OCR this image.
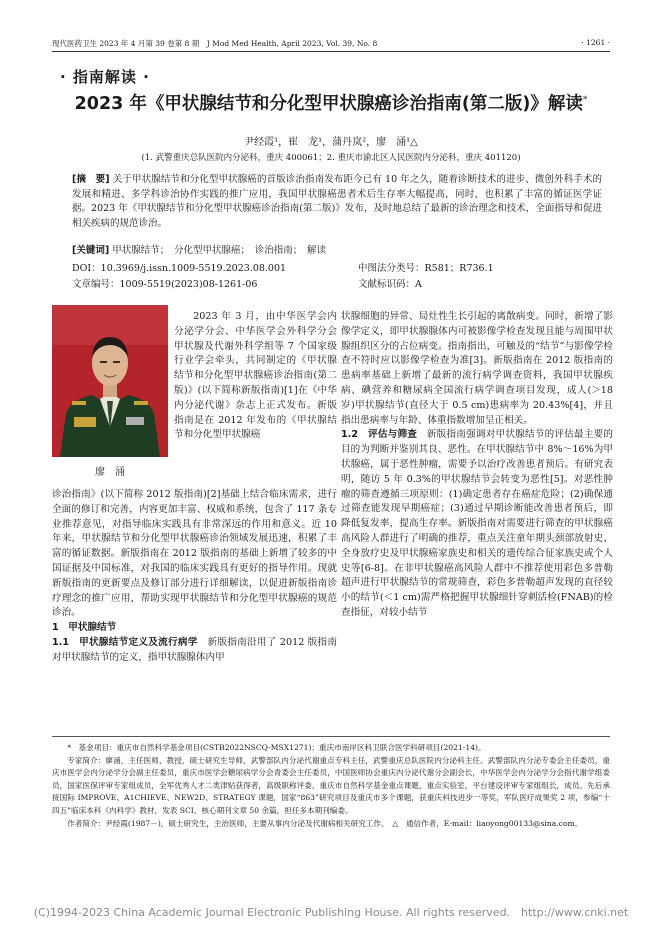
现代医药卫生 2023 年 4 月第 39 卷第 8 期　J Mod Med Health, April 2023, Vol. 39, No. 8	· 1261 ·
· 指南解读 ·
2023 年《甲状腺结节和分化型甲状腺癌诊治指南(第二版)》解读*
尹经霞¹，崔　龙¹，蒲丹岚²，廖　涌¹△
(1. 武警重庆总队医院内分泌科，重庆 400061；2. 重庆市渝北区人民医院内分泌科，重庆 401120)
[摘　要] 关于甲状腺结节和分化型甲状腺癌的首版诊治指南发布距今已有 10 年之久，随着诊断技术的进步、微创外科手术的发展和精进、多学科诊治协作实践的推广应用，我国甲状腺癌患者术后生存率大幅提高，同时，也积累了丰富的循证医学证据。2023 年《甲状腺结节和分化型甲状腺癌诊治指南(第二版)》发布，及时地总结了最新的诊治理念和技术，全面指导和促进相关疾病的规范诊治。
[关键词] 甲状腺结节；　分化型甲状腺癌；　诊治指南；　解读
DOI：10.3969/j.issn.1009-5519.2023.08.001	中图法分类号：R581；R736.1
文章编号：1009-5519(2023)08-1261-06	文献标识码：A
廖　涌

2023 年 3 月，由中华医学会内分泌学分会、中华医学会外科学分会甲状腺及代谢外科学组等 7 个国家级行业学会牵头，共同制定的《甲状腺结节和分化型甲状腺癌诊治指南(第二版)》(以下简称新版指南)[1]在《中华内分泌代谢》杂志上正式发布。新版指南是在 2012 年发布的《甲状腺结节和分化型甲状腺癌

诊治指南》(以下简称 2012 版指南)[2]基础上结合临床需求，进行全面的修订和完善，内容更加丰富、权威和系统，包含了 117 条专业推荐意见，对指导临床实践具有非常深远的作用和意义。近 10 年来，甲状腺结节和分化型甲状腺癌诊治领域发展迅速，积累了丰富的循证数据。新版指南在 2012 版指南的基础上新增了较多的中国证据及中国标准，对我国的临床实践具有更好的指导作用。现就新版指南的更新要点及修订部分进行详细解读，以促进新版指南诊疗理念的推广应用，帮助实现甲状腺结节和分化型甲状腺癌的规范诊治。

1　甲状腺结节

1.1　甲状腺结节定义及流行病学　 新版指南沿用了 2012 版指南对甲状腺结节的定义，指甲状腺腺体内甲

状腺细胞的异常、局灶性生长引起的离散病变。同时，新增了影像学定义，即甲状腺腺体内可被影像学检查发现且能与周围甲状腺组织区分的占位病变。指南指出，可触及的“结节”与影像学检查不符时应以影像学检查为准[3]。新版指南在 2012 版指南的患病率基础上新增了最新的流行病学调查资料，我国甲状腺疾病、碘营养和糖尿病全国流行病学调查项目发现，成人(＞18 岁)甲状腺结节(直径大于 0.5 cm)患病率为 20.43%[4]，并且指出患病率与年龄、体重指数增加呈正相关。

1.2　评估与筛查　 新版指南强调对甲状腺结节的评估最主要的目的为判断并鉴别其良、恶性。在甲状腺结节中 8%～16%为甲状腺癌，属于恶性肿瘤，需要予以治疗改善患者预后。有研究表明，随访 5 年 0.3%的甲状腺结节会转变为恶性[5]。对恶性肿瘤的筛查遵循三项原则：(1)确定患者存在癌症危险；(2)确保通过筛查能发现早期癌症；(3)通过早期诊断能改善患者预后，即降低复发率，提高生存率。新版指南对需要进行筛查的甲状腺癌高风险人群进行了明确的推荐，重点关注童年期头颈部放射史、全身放疗史及甲状腺癌家族史和相关的遗传综合征家族史或个人史等[6-8]。在非甲状腺癌高风险人群中不推荐使用彩色多普勒超声进行甲状腺结节的常规筛查，彩色多普勒超声发现的直径较小的结节(＜1 cm)需严格把握甲状腺细针穿刺活检(FNAB)的检查指征，对较小结节

*　基金项目：重庆市自然科学基金项目(CSTB2022NSCQ-MSX1271)；重庆市南岸区科卫联合医学科研项目(2021-14)。

专家简介：廖涌，主任医师，教授，硕士研究生导师，武警部队内分泌代谢重点专科主任，武警重庆总队医院内分泌科主任。武警部队内分泌专委会主任委员，重庆市医学会内分泌学分会副主任委员，重庆市医学会糖尿病学分会青委会主任委员，中国医师协会重庆内分泌代谢分会副会长，中华医学会内分泌学分会指代谢学组委员，国家医保评审专家组成员，全军优秀人才二类津贴获得者，高级职称评委，重庆市自然科学基金重点课题，重点实验室，平台建设评审专家组组长，成员。先后承接国际 IMPROVE、A1CHIEVE、NEW2D、STRATEGY 课题，国家“863”研究项目及重庆市多个课题，获重庆科技进步一等奖，军队医疗成果奖 2 项，参编“十四五”临床本科《内科学》教材，发表 SCI、核心期刊文章 50 余篇，担任多本期刊编委。

作者简介：尹经霞(1987－)，硕士研究生，主治医师，主要从事内分泌及代谢病相关研究工作。　△　通信作者，E-mail：liaoyong00133@sina.com。

(C)1994-2023 China Academic Journal Electronic Publishing House. All rights reserved.　http://www.cnki.net
